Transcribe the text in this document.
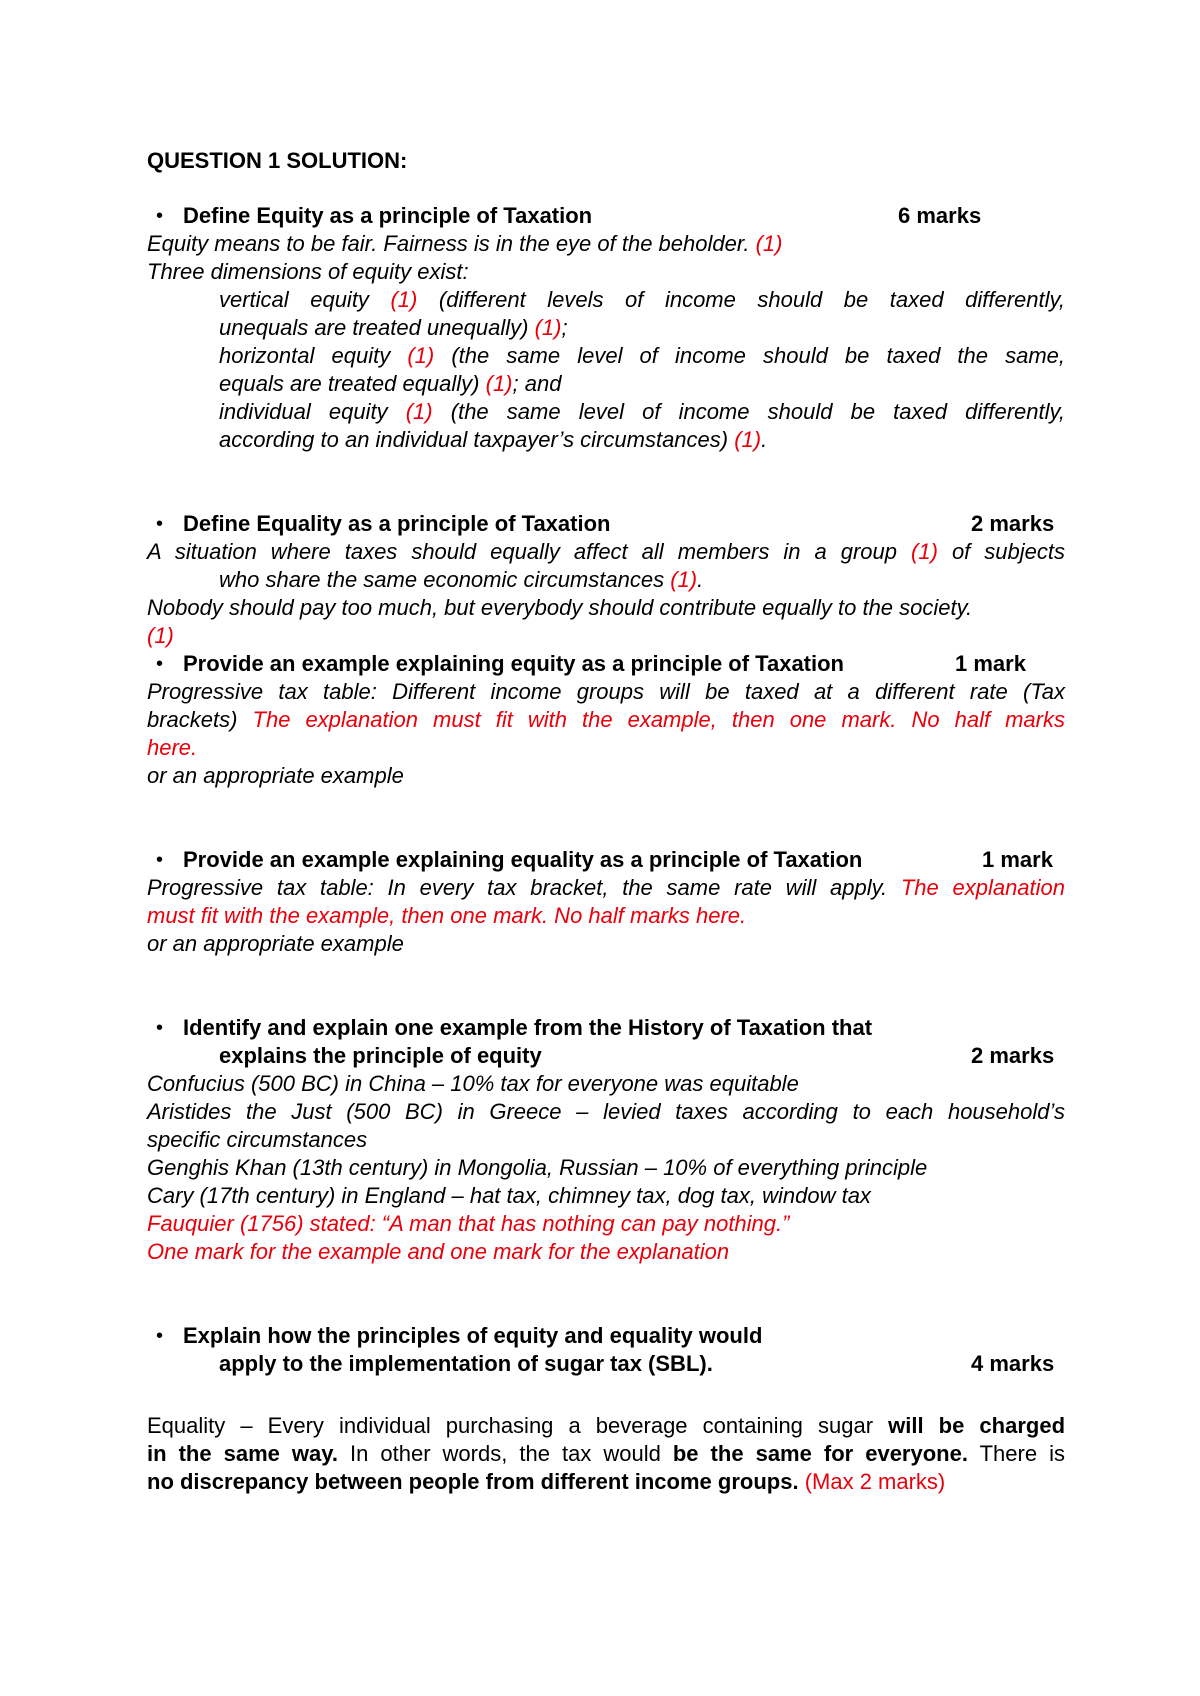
QUESTION 1 SOLUTION:
• Define Equity as a principle of Taxation	6 marks
Equity means to be fair. Fairness is in the eye of the beholder. (1)
Three dimensions of equity exist:
vertical equity (1) (different levels of income should be taxed differently,
unequals are treated unequally) (1);
horizontal equity (1) (the same level of income should be taxed the same,
equals are treated equally) (1); and
individual equity (1) (the same level of income should be taxed differently,
according to an individual taxpayer’s circumstances) (1).
• Define Equality as a principle of Taxation	2 marks
A situation where taxes should equally affect all members in a group (1) of subjects
who share the same economic circumstances (1).
Nobody should pay too much, but everybody should contribute equally to the society.
(1)
• Provide an example explaining equity as a principle of Taxation	1 mark
Progressive tax table: Different income groups will be taxed at a different rate (Tax
brackets) The explanation must fit with the example, then one mark. No half marks
here.
or an appropriate example
• Provide an example explaining equality as a principle of Taxation	1 mark
Progressive tax table: In every tax bracket, the same rate will apply. The explanation
must fit with the example, then one mark. No half marks here.
or an appropriate example
• Identify and explain one example from the History of Taxation that
explains the principle of equity	2 marks
Confucius (500 BC) in China – 10% tax for everyone was equitable
Aristides the Just (500 BC) in Greece – levied taxes according to each household’s
specific circumstances
Genghis Khan (13th century) in Mongolia, Russian – 10% of everything principle
Cary (17th century) in England – hat tax, chimney tax, dog tax, window tax
Fauquier (1756) stated: “A man that has nothing can pay nothing.”
One mark for the example and one mark for the explanation
• Explain how the principles of equity and equality would
apply to the implementation of sugar tax (SBL).	4 marks
Equality – Every individual purchasing a beverage containing sugar will be charged
in the same way. In other words, the tax would be the same for everyone. There is
no discrepancy between people from different income groups. (Max 2 marks)
